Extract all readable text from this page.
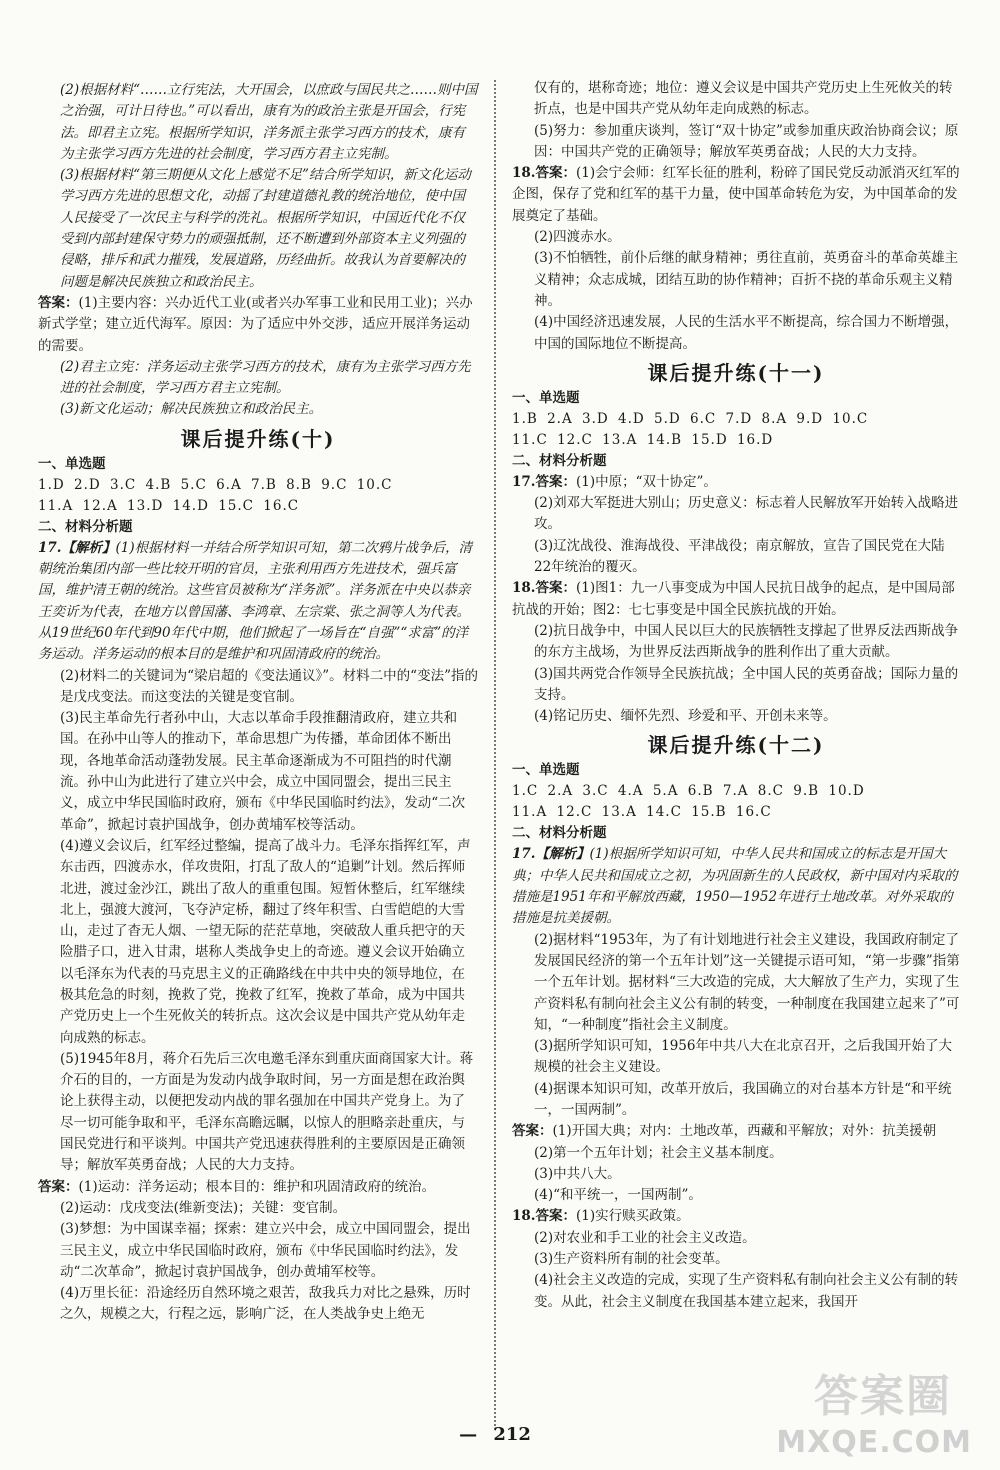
(2)根据材料“……立行宪法，大开国会，以庶政与国民共之……则中国之治强，可计日待也。”可以看出，康有为的政治主张是开国会，行宪法。即君主立宪。根据所学知识，洋务派主张学习西方的技术，康有为主张学习西方先进的社会制度，学习西方君主立宪制。
(3)根据材料“第三期便从文化上感觉不足”结合所学知识，新文化运动学习西方先进的思想文化，动摇了封建道德礼教的统治地位，使中国人民接受了一次民主与科学的洗礼。根据所学知识，中国近代化不仅受到内部封建保守势力的顽强抵制，还不断遭到外部资本主义列强的侵略，排斥和武力摧残，发展道路，历经曲折。故我认为首要解决的问题是解决民族独立和政治民主。
答案：(1)主要内容：兴办近代工业(或者兴办军事工业和民用工业)；兴办新式学堂；建立近代海军。原因：为了适应中外交涉，适应开展洋务运动的需要。
(2)君主立宪：洋务运动主张学习西方的技术，康有为主张学习西方先进的社会制度，学习西方君主立宪制。
(3)新文化运动；解决民族独立和政治民主。
课后提升练(十)
一、单选题
1.D 2.D 3.C 4.B 5.C 6.A 7.B 8.B 9.C 10.C
11.A 12.A 13.D 14.D 15.C 16.C
二、材料分析题
17.【解析】(1)根据材料一并结合所学知识可知，第二次鸦片战争后，清朝统治集团内部一些比较开明的官员，主张利用西方先进技术，强兵富国，维护清王朝的统治。这些官员被称为“洋务派”。洋务派在中央以恭亲王奕䜣为代表，在地方以曾国藩、李鸿章、左宗棠、张之洞等人为代表。从19世纪60年代到90年代中期，他们掀起了一场旨在“自强”“求富”的洋务运动。洋务运动的根本目的是维护和巩固清政府的统治。
(2)材料二的关键词为“梁启超的《变法通议》”。材料二中的“变法”指的是戊戌变法。而这变法的关键是变官制。
(3)民主革命先行者孙中山，大志以革命手段推翻清政府，建立共和国。在孙中山等人的推动下，革命思想广为传播，革命团体不断出现，各地革命活动蓬勃发展。民主革命逐渐成为不可阻挡的时代潮流。孙中山为此进行了建立兴中会，成立中国同盟会，提出三民主义，成立中华民国临时政府，颁布《中华民国临时约法》，发动“二次革命”，掀起讨袁护国战争，创办黄埔军校等活动。
(4)遵义会议后，红军经过整编，提高了战斗力。毛泽东指挥红军，声东击西，四渡赤水，佯攻贵阳，打乱了敌人的“追剿”计划。然后挥师北进，渡过金沙江，跳出了敌人的重重包围。短暂休整后，红军继续北上，强渡大渡河，飞夺泸定桥，翻过了终年积雪、白雪皑皑的大雪山，走过了杳无人烟、一望无际的茫茫草地，突破敌人重兵把守的天险腊子口，进入甘肃，堪称人类战争史上的奇迹。遵义会议开始确立以毛泽东为代表的马克思主义的正确路线在中共中央的领导地位，在极其危急的时刻，挽救了党，挽救了红军，挽救了革命，成为中国共产党历史上一个生死攸关的转折点。这次会议是中国共产党从幼年走向成熟的标志。
(5)1945年8月，蒋介石先后三次电邀毛泽东到重庆面商国家大计。蒋介石的目的，一方面是为发动内战争取时间，另一方面是想在政治舆论上获得主动，以便把发动内战的罪名强加在中国共产党身上。为了尽一切可能争取和平，毛泽东高瞻远瞩，以惊人的胆略亲赴重庆，与国民党进行和平谈判。中国共产党迅速获得胜利的主要原因是正确领导；解放军英勇奋战；人民的大力支持。
答案：(1)运动：洋务运动；根本目的：维护和巩固清政府的统治。
(2)运动：戊戌变法(维新变法)；关键：变官制。
(3)梦想：为中国谋幸福；探索：建立兴中会，成立中国同盟会，提出三民主义，成立中华民国临时政府，颁布《中华民国临时约法》，发动“二次革命”，掀起讨袁护国战争，创办黄埔军校等。
(4)万里长征：沿途经历自然环境之艰苦，敌我兵力对比之悬殊，历时之久，规模之大，行程之远，影响广泛，在人类战争史上绝无
仅有的，堪称奇迹；地位：遵义会议是中国共产党历史上生死攸关的转折点，也是中国共产党从幼年走向成熟的标志。
(5)努力：参加重庆谈判，签订“双十协定”或参加重庆政治协商会议；原因：中国共产党的正确领导；解放军英勇奋战；人民的大力支持。
18.答案：(1)会宁会师：红军长征的胜利，粉碎了国民党反动派消灭红军的企图，保存了党和红军的基干力量，使中国革命转危为安，为中国革命的发展奠定了基础。
(2)四渡赤水。
(3)不怕牺牲，前仆后继的献身精神；勇往直前，英勇奋斗的革命英雄主义精神；众志成城，团结互助的协作精神；百折不挠的革命乐观主义精神。
(4)中国经济迅速发展，人民的生活水平不断提高，综合国力不断增强，中国的国际地位不断提高。
课后提升练(十一)
一、单选题
1.B 2.A 3.D 4.D 5.D 6.C 7.D 8.A 9.D 10.C
11.C 12.C 13.A 14.B 15.D 16.D
二、材料分析题
17.答案：(1)中原；“双十协定”。
(2)刘邓大军挺进大别山；历史意义：标志着人民解放军开始转入战略进攻。
(3)辽沈战役、淮海战役、平津战役；南京解放，宣告了国民党在大陆22年统治的覆灭。
18.答案：(1)图1：九一八事变成为中国人民抗日战争的起点，是中国局部抗战的开始；图2：七七事变是中国全民族抗战的开始。
(2)抗日战争中，中国人民以巨大的民族牺牲支撑起了世界反法西斯战争的东方主战场，为世界反法西斯战争的胜利作出了重大贡献。
(3)国共两党合作领导全民族抗战；全中国人民的英勇奋战；国际力量的支持。
(4)铭记历史、缅怀先烈、珍爱和平、开创未来等。
课后提升练(十二)
一、单选题
1.C 2.A 3.C 4.A 5.A 6.B 7.A 8.C 9.B 10.D
11.A 12.C 13.A 14.C 15.B 16.C
二、材料分析题
17.【解析】(1)根据所学知识可知，中华人民共和国成立的标志是开国大典；中华人民共和国成立之初，为巩固新生的人民政权，新中国对内采取的措施是1951年和平解放西藏，1950—1952年进行土地改革。对外采取的措施是抗美援朝。
(2)据材料“1953年，为了有计划地进行社会主义建设，我国政府制定了发展国民经济的第一个五年计划”这一关键提示语可知，“第一步骤”指第一个五年计划。据材料“三大改造的完成，大大解放了生产力，实现了生产资料私有制向社会主义公有制的转变，一种制度在我国建立起来了”可知，“一种制度”指社会主义制度。
(3)据所学知识可知，1956年中共八大在北京召开，之后我国开始了大规模的社会主义建设。
(4)据课本知识可知，改革开放后，我国确立的对台基本方针是“和平统一，一国两制”。
答案：(1)开国大典；对内：土地改革，西藏和平解放；对外：抗美援朝
(2)第一个五年计划；社会主义基本制度。
(3)中共八大。
(4)“和平统一，一国两制”。
18.答案：(1)实行赎买政策。
(2)对农业和手工业的社会主义改造。
(3)生产资料所有制的社会变革。
(4)社会主义改造的完成，实现了生产资料私有制向社会主义公有制的转变。从此，社会主义制度在我国基本建立起来，我国开
— 212
答案圈
MXQE.COM
